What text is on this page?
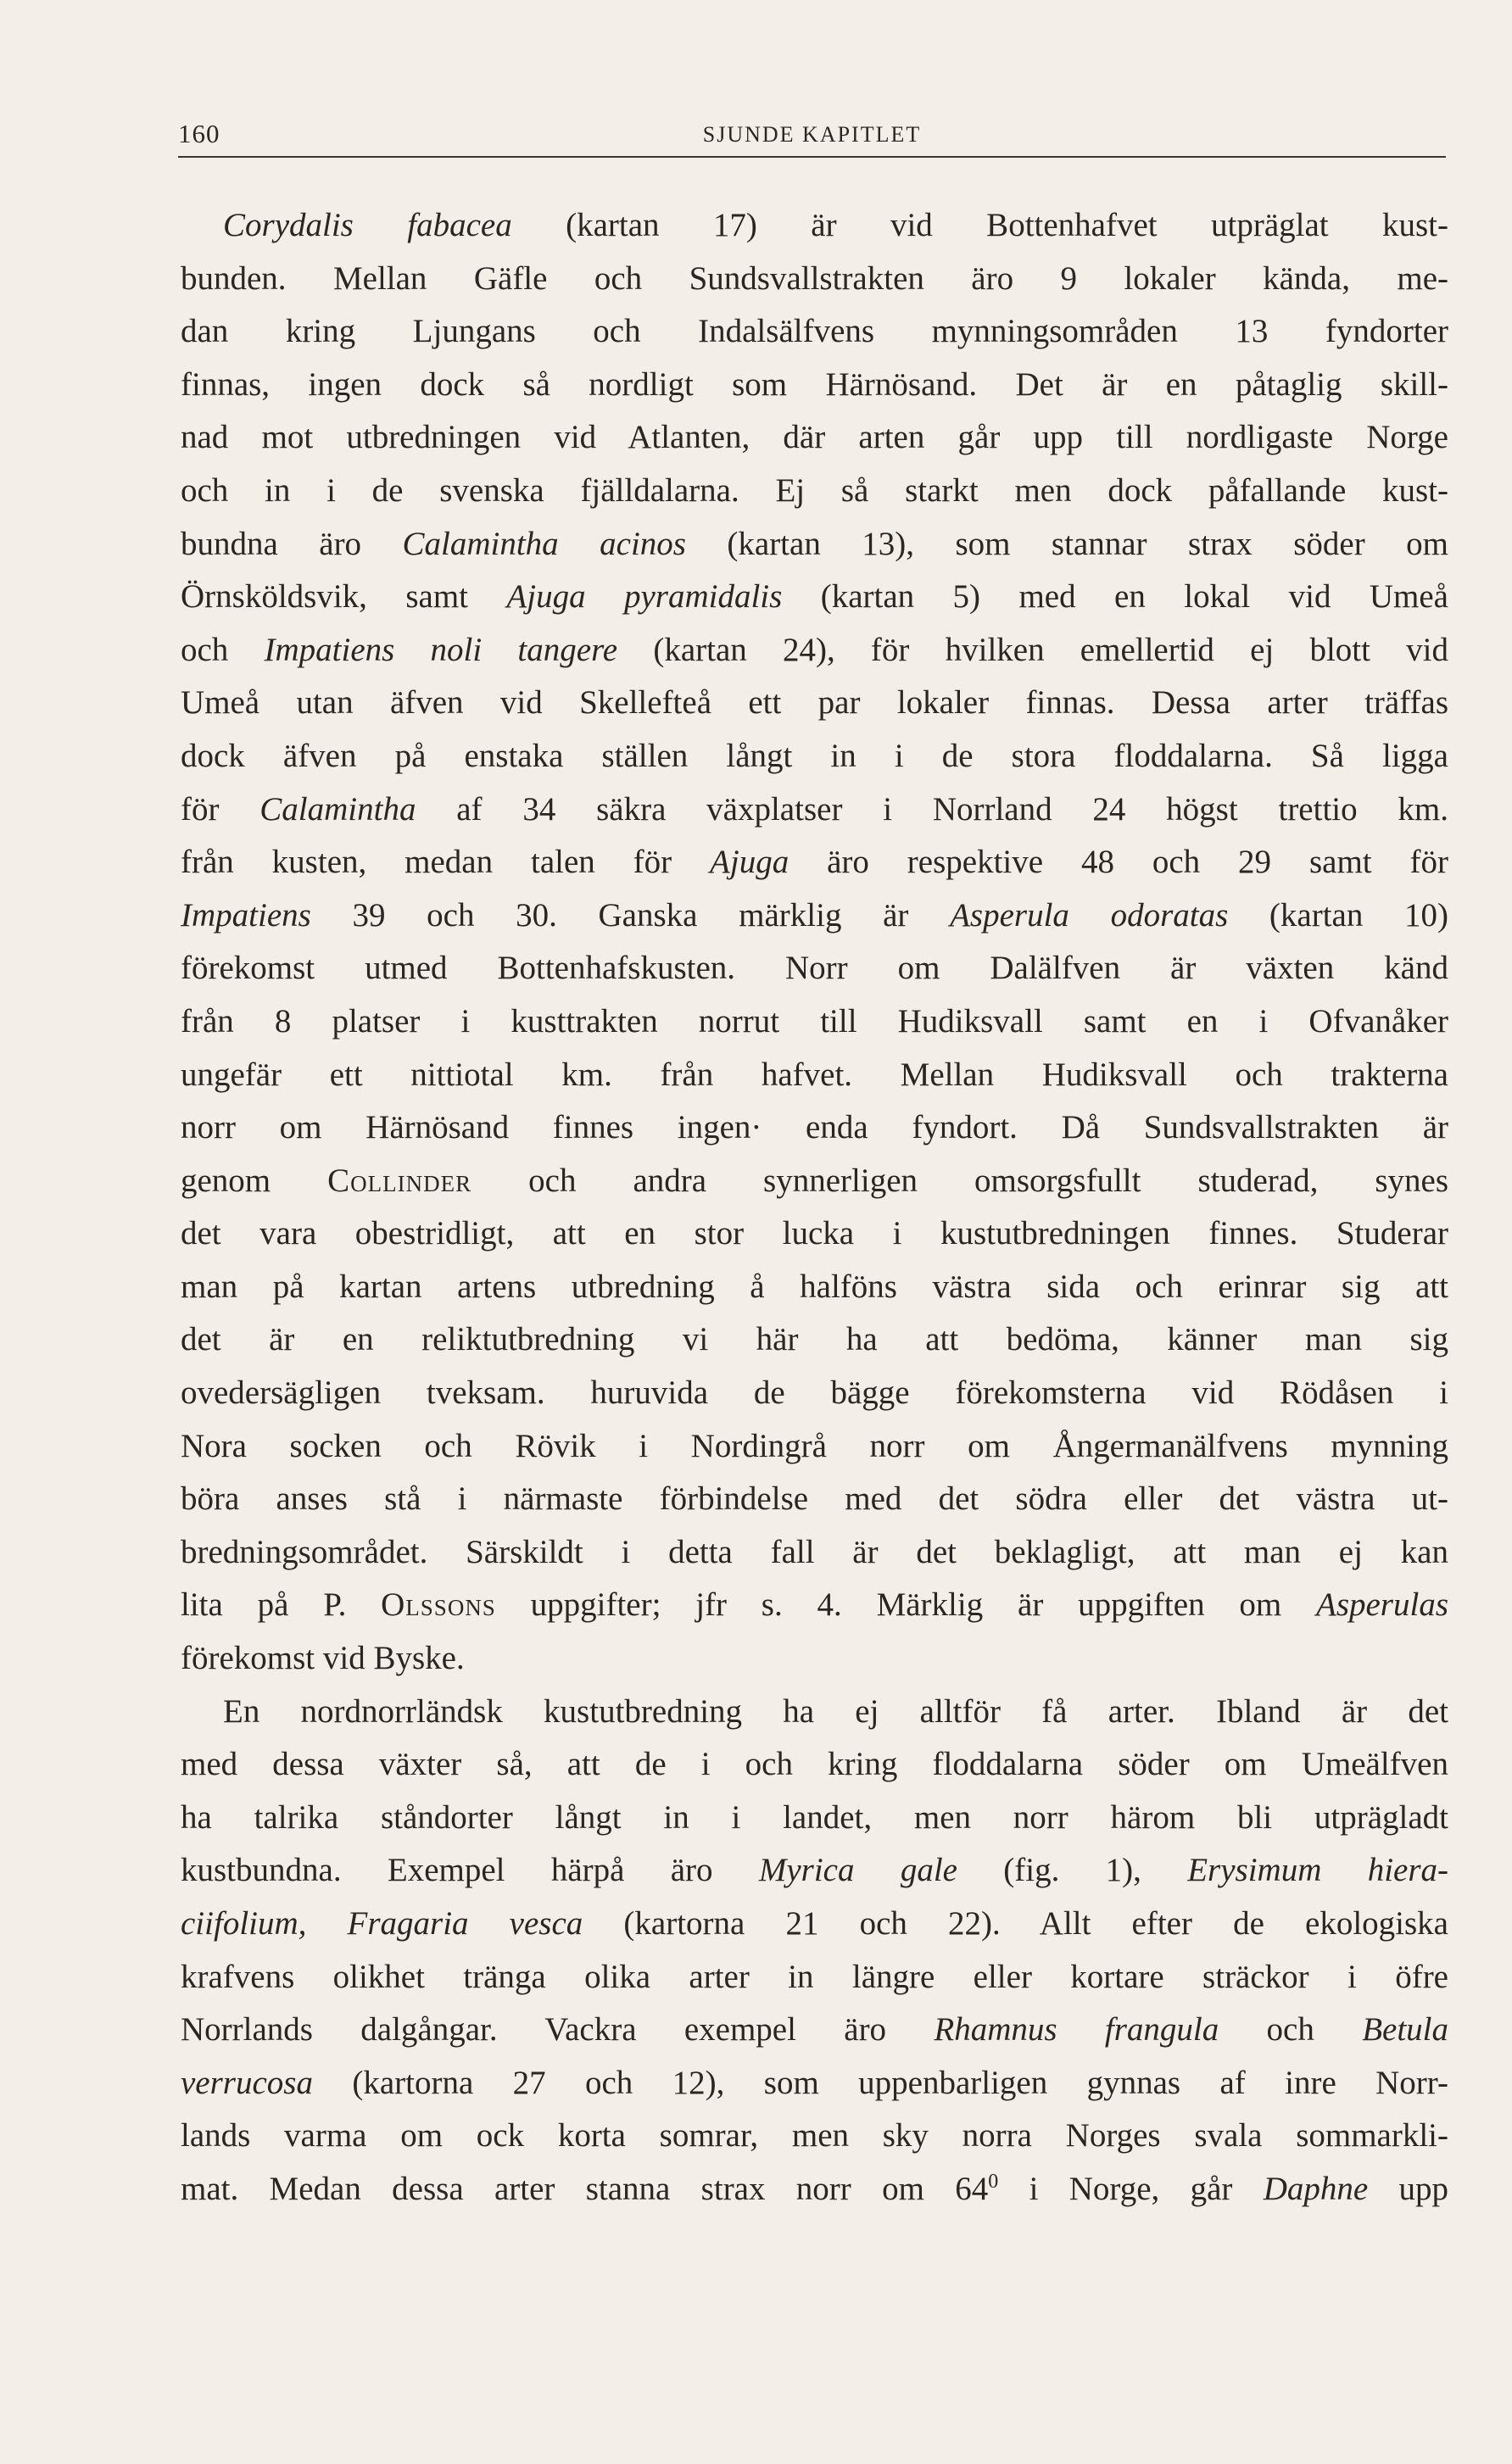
160	SJUNDE KAPITLET
Corydalis fabacea (kartan 17) är vid Bottenhafvet utpräglat kust-
bunden. Mellan Gäfle och Sundsvallstrakten äro 9 lokaler kända, me-
dan kring Ljungans och Indalsälfvens mynningsområden 13 fyndorter
finnas, ingen dock så nordligt som Härnösand. Det är en påtaglig skill-
nad mot utbredningen vid Atlanten, där arten går upp till nordligaste Norge
och in i de svenska fjälldalarna. Ej så starkt men dock påfallande kust-
bundna äro Calamintha acinos (kartan 13), som stannar strax söder om
Örnsköldsvik, samt Ajuga pyramidalis (kartan 5) med en lokal vid Umeå
och Impatiens noli tangere (kartan 24), för hvilken emellertid ej blott vid
Umeå utan äfven vid Skellefteå ett par lokaler finnas. Dessa arter träffas
dock äfven på enstaka ställen långt in i de stora floddalarna. Så ligga
för Calamintha af 34 säkra växplatser i Norrland 24 högst trettio km.
från kusten, medan talen för Ajuga äro respektive 48 och 29 samt för
Impatiens 39 och 30. Ganska märklig är Asperula odoratas (kartan 10)
förekomst utmed Bottenhafskusten. Norr om Dalälfven är växten känd
från 8 platser i kusttrakten norrut till Hudiksvall samt en i Ofvanåker
ungefär ett nittiotal km. från hafvet. Mellan Hudiksvall och trakterna
norr om Härnösand finnes ingen· enda fyndort. Då Sundsvallstrakten är
genom Collinder och andra synnerligen omsorgsfullt studerad, synes
det vara obestridligt, att en stor lucka i kustutbredningen finnes. Studerar
man på kartan artens utbredning å halföns västra sida och erinrar sig att
det är en reliktutbredning vi här ha att bedöma, känner man sig
ovedersägligen tveksam. huruvida de bägge förekomsterna vid Rödåsen i
Nora socken och Rövik i Nordingrå norr om Ångermanälfvens mynning
böra anses stå i närmaste förbindelse med det södra eller det västra ut-
bredningsområdet. Särskildt i detta fall är det beklagligt, att man ej kan
lita på P. Olssons uppgifter; jfr s. 4. Märklig är uppgiften om Asperulas
förekomst vid Byske.
En nordnorrländsk kustutbredning ha ej alltför få arter. Ibland är det
med dessa växter så, att de i och kring floddalarna söder om Umeälfven
ha talrika ståndorter långt in i landet, men norr härom bli utprägladt
kustbundna. Exempel härpå äro Myrica gale (fig. 1), Erysimum hiera-
ciifolium, Fragaria vesca (kartorna 21 och 22). Allt efter de ekologiska
krafvens olikhet tränga olika arter in längre eller kortare sträckor i öfre
Norrlands dalgångar. Vackra exempel äro Rhamnus frangula och Betula
verrucosa (kartorna 27 och 12), som uppenbarligen gynnas af inre Norr-
lands varma om ock korta somrar, men sky norra Norges svala sommarkli-
mat. Medan dessa arter stanna strax norr om $64^0$ i Norge, går Daphne upp
